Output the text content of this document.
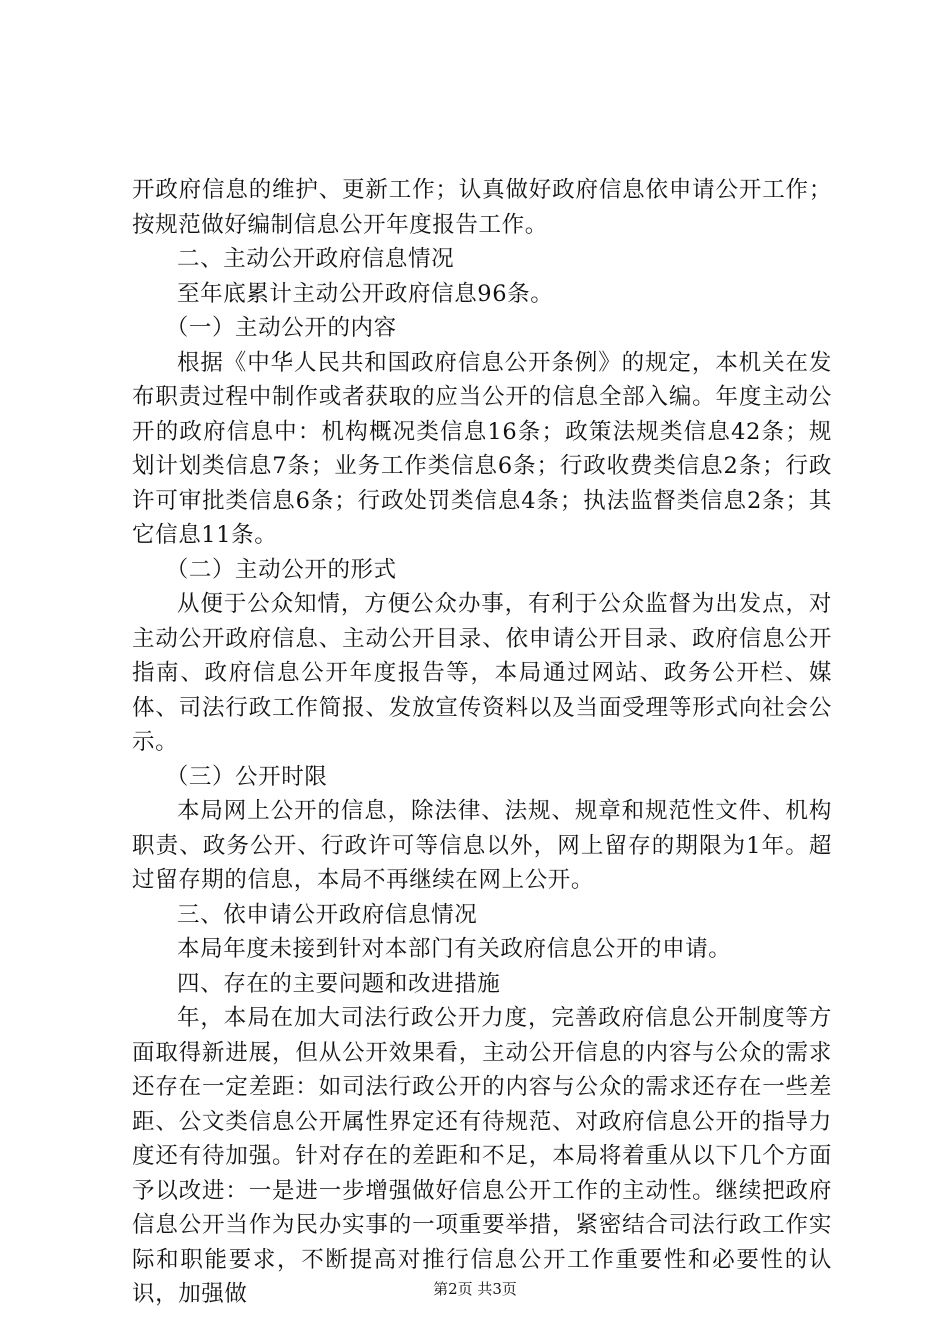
开政府信息的维护、更新工作；认真做好政府信息依申请公开工作；按规范做好编制信息公开年度报告工作。

二、主动公开政府信息情况

至年底累计主动公开政府信息96条。

（一）主动公开的内容

根据《中华人民共和国政府信息公开条例》的规定，本机关在发布职责过程中制作或者获取的应当公开的信息全部入编。年度主动公开的政府信息中：机构概况类信息16条；政策法规类信息42条；规划计划类信息7条；业务工作类信息6条；行政收费类信息2条；行政许可审批类信息6条；行政处罚类信息4条；执法监督类信息2条；其它信息11条。

（二）主动公开的形式

从便于公众知情，方便公众办事，有利于公众监督为出发点，对主动公开政府信息、主动公开目录、依申请公开目录、政府信息公开指南、政府信息公开年度报告等，本局通过网站、政务公开栏、媒体、司法行政工作简报、发放宣传资料以及当面受理等形式向社会公示。

（三）公开时限

本局网上公开的信息，除法律、法规、规章和规范性文件、机构职责、政务公开、行政许可等信息以外，网上留存的期限为1年。超过留存期的信息，本局不再继续在网上公开。

三、依申请公开政府信息情况

本局年度未接到针对本部门有关政府信息公开的申请。

四、存在的主要问题和改进措施

年，本局在加大司法行政公开力度，完善政府信息公开制度等方面取得新进展，但从公开效果看，主动公开信息的内容与公众的需求还存在一定差距：如司法行政公开的内容与公众的需求还存在一些差距、公文类信息公开属性界定还有待规范、对政府信息公开的指导力度还有待加强。针对存在的差距和不足，本局将着重从以下几个方面予以改进：一是进一步增强做好信息公开工作的主动性。继续把政府信息公开当作为民办实事的一项重要举措，紧密结合司法行政工作实际和职能要求，不断提高对推行信息公开工作重要性和必要性的认识，加强做	第2页 共3页
